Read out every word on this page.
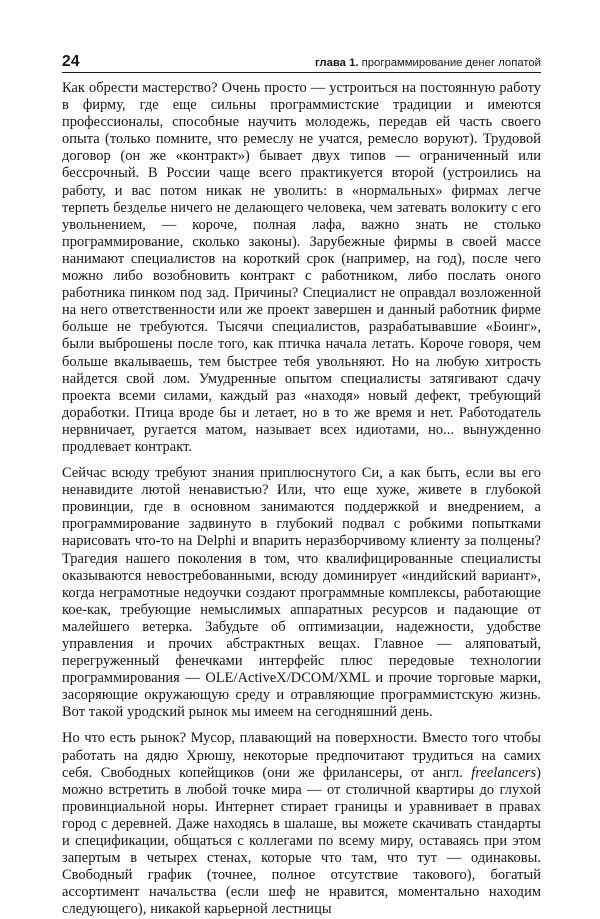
24	глава 1. программирование денег лопатой

Как обрести мастерство? Очень просто — устроиться на постоянную работу в фирму, где еще сильны программистские традиции и имеются профессионалы, способные научить молодежь, передав ей часть своего опыта (только помните, что ремеслу не учатся, ремесло воруют). Трудовой договор (он же «контракт») бывает двух типов — ограниченный или бессрочный. В России чаще всего практикуется второй (устроились на работу, и вас потом никак не уволить: в «нормальных» фирмах легче терпеть безделье ничего не делающего человека, чем затевать волокиту с его увольнением, — короче, полная лафа, важно знать не столько программирование, сколько законы). Зарубежные фирмы в своей массе нанимают специалистов на короткий срок (например, на год), после чего можно либо возобновить контракт с работником, либо послать оного работника пинком под зад. Причины? Специалист не оправдал возложенной на него ответственности или же проект завершен и данный работник фирме больше не требуются. Тысячи специалистов, разрабатывавшие «Боинг», были выброшены после того, как птичка начала летать. Короче говоря, чем больше вкалываешь, тем быстрее тебя увольняют. Но на любую хитрость найдется свой лом. Умудренные опытом специалисты затягивают сдачу проекта всеми силами, каждый раз «находя» новый дефект, требующий доработки. Птица вроде бы и летает, но в то же время и нет. Работодатель нервничает, ругается матом, называет всех идиотами, но... вынужденно продлевает контракт.

Сейчас всюду требуют знания приплюснутого Си, а как быть, если вы его ненавидите лютой ненавистью? Или, что еще хуже, живете в глубокой провинции, где в основном занимаются поддержкой и внедрением, а программирование задвинуто в глубокий подвал с робкими попытками нарисовать что-то на Delphi и впарить неразборчивому клиенту за полцены? Трагедия нашего поколения в том, что квалифицированные специалисты оказываются невостребованными, всюду доминирует «индийский вариант», когда неграмотные недоучки создают программные комплексы, работающие кое-как, требующие немыслимых аппаратных ресурсов и падающие от малейшего ветерка. Забудьте об оптимизации, надежности, удобстве управления и прочих абстрактных вещах. Главное — аляповатый, перегруженный фенечками интерфейс плюс передовые технологии программирования — OLE/ActiveX/DCOM/XML и прочие торговые марки, засоряющие окружающую среду и отравляющие программистскую жизнь. Вот такой уродский рынок мы имеем на сегодняшний день.

Но что есть рынок? Мусор, плавающий на поверхности. Вместо того чтобы работать на дядю Хрюшу, некоторые предпочитают трудиться на самих себя. Свободных копейщиков (они же фрилансеры, от англ. freelancers) можно встретить в любой точке мира — от столичной квартиры до глухой провинциальной норы. Интернет стирает границы и уравнивает в правах город с деревней. Даже находясь в шалаше, вы можете скачивать стандарты и спецификации, общаться с коллегами по всему миру, оставаясь при этом запертым в четырех стенах, которые что там, что тут — одинаковы. Свободный график (точнее, полное отсутствие такового), богатый ассортимент начальства (если шеф не нравится, моментально находим следующего), никакой карьерной лестницы
